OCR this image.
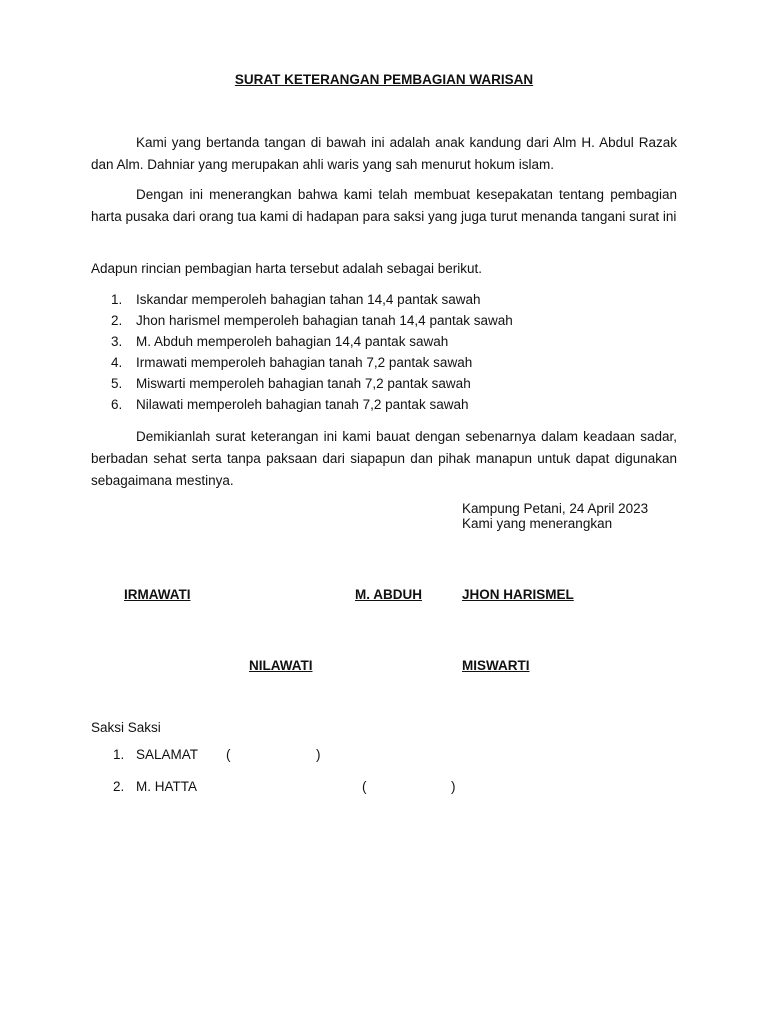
SURAT KETERANGAN PEMBAGIAN WARISAN
Kami yang bertanda tangan di bawah ini adalah anak kandung dari Alm H. Abdul Razak dan Alm. Dahniar yang merupakan ahli waris yang sah menurut hokum islam.
Dengan ini menerangkan bahwa kami telah membuat kesepakatan tentang pembagian harta pusaka dari orang tua kami di hadapan para saksi yang juga turut menanda tangani surat ini
Adapun rincian pembagian harta tersebut adalah sebagai berikut.
1. Iskandar memperoleh bahagian tahan 14,4 pantak sawah
2. Jhon harismel memperoleh bahagian tanah 14,4 pantak sawah
3. M. Abduh memperoleh bahagian 14,4 pantak sawah
4. Irmawati memperoleh bahagian tanah 7,2 pantak sawah
5. Miswarti memperoleh bahagian tanah 7,2 pantak sawah
6. Nilawati memperoleh bahagian tanah 7,2 pantak sawah
Demikianlah surat keterangan ini kami bauat dengan sebenarnya dalam keadaan sadar, berbadan sehat serta tanpa paksaan dari siapapun dan pihak manapun untuk dapat digunakan sebagaimana mestinya.
Kampung Petani, 24 April 2023
Kami yang menerangkan
IRMAWATI	M. ABDUH	JHON HARISMEL
NILAWATI	MISWARTI
Saksi Saksi
1. SALAMAT (	)
2. M. HATTA	(	)
